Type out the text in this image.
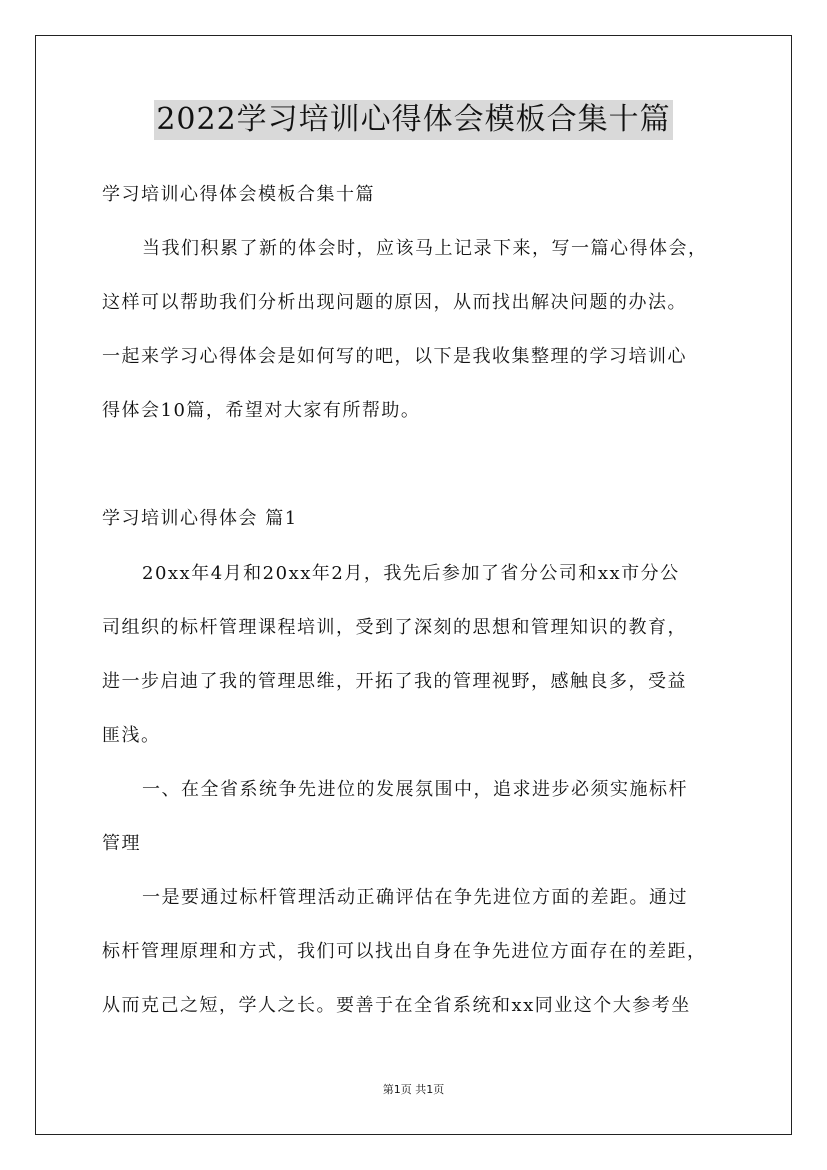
2022学习培训心得体会模板合集十篇
学习培训心得体会模板合集十篇
当我们积累了新的体会时，应该马上记录下来，写一篇心得体会，
这样可以帮助我们分析出现问题的原因，从而找出解决问题的办法。
一起来学习心得体会是如何写的吧，以下是我收集整理的学习培训心
得体会10篇，希望对大家有所帮助。
学习培训心得体会 篇1
20xx年4月和20xx年2月，我先后参加了省分公司和xx市分公
司组织的标杆管理课程培训，受到了深刻的思想和管理知识的教育，
进一步启迪了我的管理思维，开拓了我的管理视野，感触良多，受益
匪浅。
一、在全省系统争先进位的发展氛围中，追求进步必须实施标杆
管理
一是要通过标杆管理活动正确评估在争先进位方面的差距。通过
标杆管理原理和方式，我们可以找出自身在争先进位方面存在的差距，
从而克己之短，学人之长。要善于在全省系统和xx同业这个大参考坐
第1页 共1页
